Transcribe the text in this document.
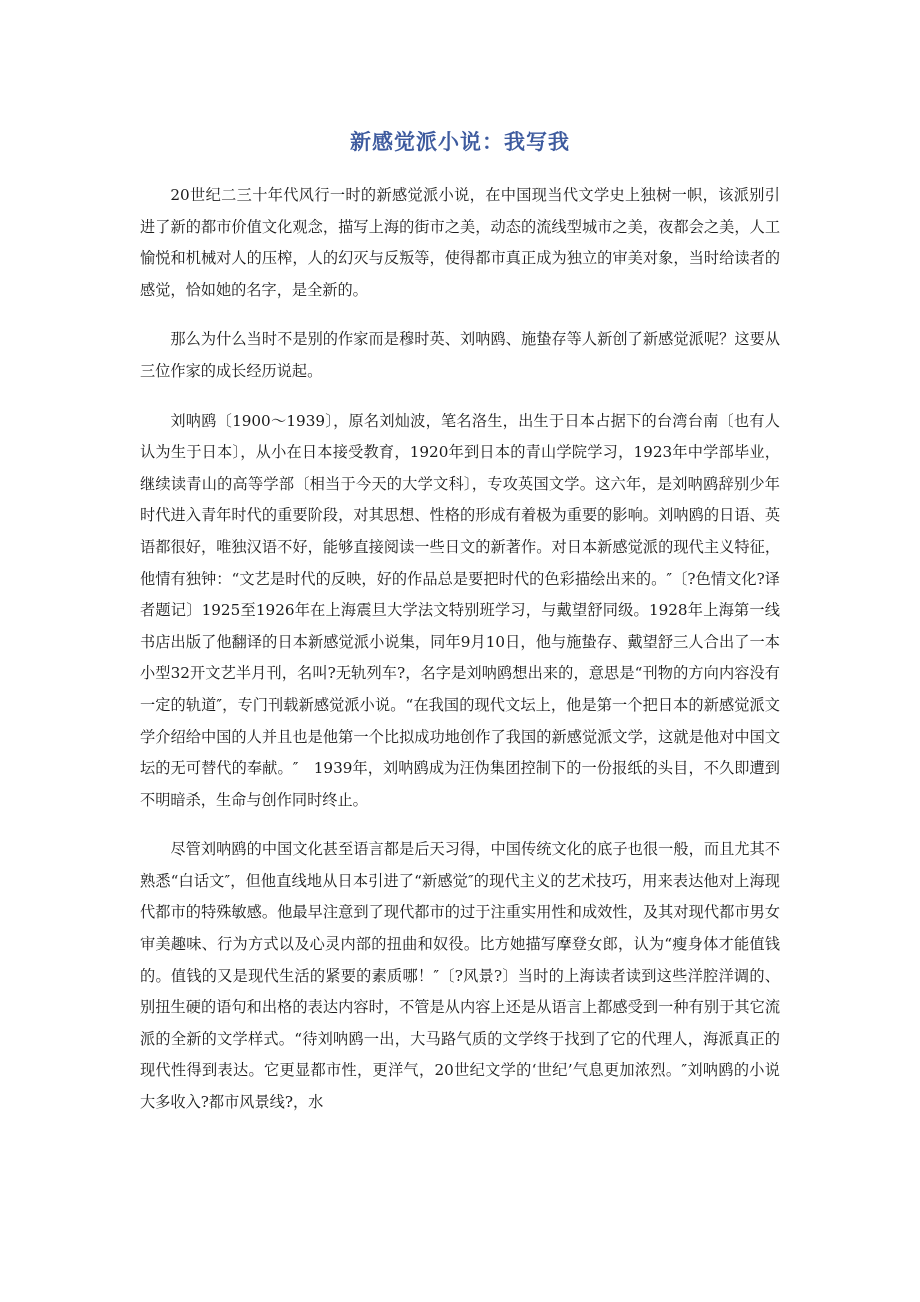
新感觉派小说：我写我

20世纪二三十年代风行一时的新感觉派小说，在中国现当代文学史上独树一帜，该派别引进了新的都市价值文化观念，描写上海的街市之美，动态的流线型城市之美，夜都会之美，人工愉悦和机械对人的压榨，人的幻灭与反叛等，使得都市真正成为独立的审美对象，当时给读者的感觉，恰如她的名字，是全新的。

那么为什么当时不是别的作家而是穆时英、刘呐鸥、施蛰存等人新创了新感觉派呢？这要从三位作家的成长经历说起。

刘呐鸥〔1900～1939〕，原名刘灿波，笔名洛生，出生于日本占据下的台湾台南〔也有人认为生于日本〕，从小在日本接受教育，1920年到日本的青山学院学习，1923年中学部毕业，继续读青山的高等学部〔相当于今天的大学文科〕，专攻英国文学。这六年，是刘呐鸥辞别少年时代进入青年时代的重要阶段，对其思想、性格的形成有着极为重要的影响。刘呐鸥的日语、英语都很好，唯独汉语不好，能够直接阅读一些日文的新著作。对日本新感觉派的现代主义特征，他情有独钟：“文艺是时代的反映，好的作品总是要把时代的色彩描绘出来的。″〔?色情文化?译者题记〕1925至1926年在上海震旦大学法文特别班学习，与戴望舒同级。1928年上海第一线书店出版了他翻译的日本新感觉派小说集，同年9月10日，他与施蛰存、戴望舒三人合出了一本小型32开文艺半月刊，名叫?无轨列车?，名字是刘呐鸥想出来的，意思是“刊物的方向内容没有一定的轨道″，专门刊载新感觉派小说。“在我国的现代文坛上，他是第一个把日本的新感觉派文学介绍给中国的人并且也是他第一个比拟成功地创作了我国的新感觉派文学，这就是他对中国文坛的无可替代的奉献。″　1939年，刘呐鸥成为汪伪集团控制下的一份报纸的头目，不久即遭到不明暗杀，生命与创作同时终止。

尽管刘呐鸥的中国文化甚至语言都是后天习得，中国传统文化的底子也很一般，而且尤其不熟悉“白话文″，但他直线地从日本引进了“新感觉″的现代主义的艺术技巧，用来表达他对上海现代都市的特殊敏感。他最早注意到了现代都市的过于注重实用性和成效性，及其对现代都市男女审美趣味、行为方式以及心灵内部的扭曲和奴役。比方她描写摩登女郎，认为“瘦身体才能值钱的。值钱的又是现代生活的紧要的素质哪！″〔?风景?〕当时的上海读者读到这些洋腔洋调的、别扭生硬的语句和出格的表达内容时，不管是从内容上还是从语言上都感受到一种有别于其它流派的全新的文学样式。“待刘呐鸥一出，大马路气质的文学终于找到了它的代理人，海派真正的现代性得到表达。它更显都市性，更洋气，20世纪文学的‘世纪’气息更加浓烈。″刘呐鸥的小说大多收入?都市风景线?，水
